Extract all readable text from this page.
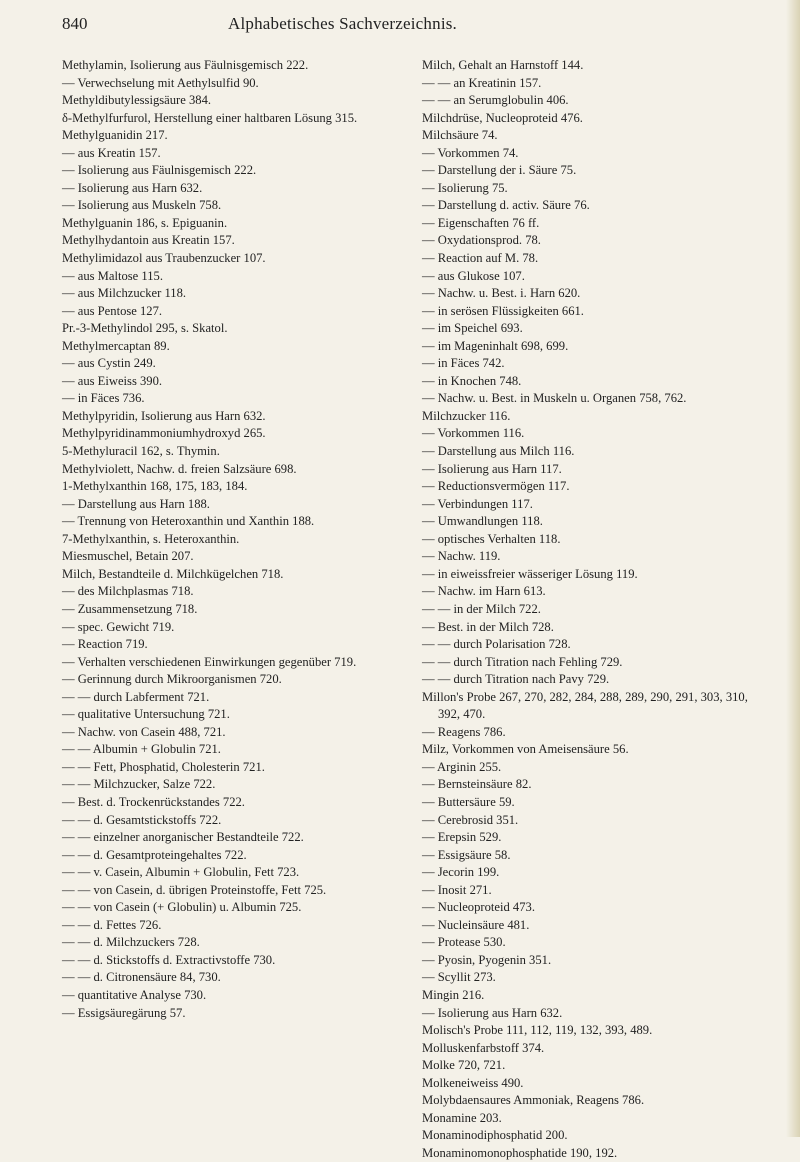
840	Alphabetisches Sachverzeichnis.
Methylamin, Isolierung aus Fäulnisgemisch 222.
— Verwechselung mit Aethylsulfid 90.
Methyldibutylessigsäure 384.
δ-Methylfurfurol, Herstellung einer haltbaren Lösung 315.
Methylguanidin 217.
— aus Kreatin 157.
— Isolierung aus Fäulnisgemisch 222.
— Isolierung aus Harn 632.
— Isolierung aus Muskeln 758.
Methylguanin 186, s. Epiguanin.
Methylhydantoin aus Kreatin 157.
Methylimidazol aus Traubenzucker 107.
— aus Maltose 115.
— aus Milchzucker 118.
— aus Pentose 127.
Pr.-3-Methylindol 295, s. Skatol.
Methylmercaptan 89.
— aus Cystin 249.
— aus Eiweiss 390.
— in Fäces 736.
Methylpyridin, Isolierung aus Harn 632.
Methylpyridinammoniumhydroxyd 265.
5-Methyluracil 162, s. Thymin.
Methylviolett, Nachw. d. freien Salzsäure 698.
1-Methylxanthin 168, 175, 183, 184.
— Darstellung aus Harn 188.
— Trennung von Heteroxanthin und Xanthin 188.
7-Methylxanthin, s. Heteroxanthin.
Miesmuschel, Betain 207.
Milch, Bestandteile d. Milchkügelchen 718.
— des Milchplasmas 718.
— Zusammensetzung 718.
— spec. Gewicht 719.
— Reaction 719.
— Verhalten verschiedenen Einwirkungen gegenüber 719.
— Gerinnung durch Mikroorganismen 720.
— — durch Labferment 721.
— qualitative Untersuchung 721.
— Nachw. von Casein 488, 721.
— — Albumin + Globulin 721.
— — Fett, Phosphatid, Cholesterin 721.
— — Milchzucker, Salze 722.
— Best. d. Trockenrückstandes 722.
— — d. Gesamtstickstoffs 722.
— — einzelner anorganischer Bestandteile 722.
— — d. Gesamtproteingehaltes 722.
— — v. Casein, Albumin + Globulin, Fett 723.
— — von Casein, d. übrigen Proteinstoffe, Fett 725.
— — von Casein (+ Globulin) u. Albumin 725.
— — d. Fettes 726.
— — d. Milchzuckers 728.
— — d. Stickstoffs d. Extractivstoffe 730.
— — d. Citronensäure 84, 730.
— quantitative Analyse 730.
— Essigsäuregärung 57.
Milch, Gehalt an Harnstoff 144.
— — an Kreatinin 157.
— — an Serumglobulin 406.
Milchdrüse, Nucleoproteid 476.
Milchsäure 74.
— Vorkommen 74.
— Darstellung der i. Säure 75.
— Isolierung 75.
— Darstellung d. activ. Säure 76.
— Eigenschaften 76 ff.
— Oxydationsprod. 78.
— Reaction auf M. 78.
— aus Glukose 107.
— Nachw. u. Best. i. Harn 620.
— in serösen Flüssigkeiten 661.
— im Speichel 693.
— im Mageninhalt 698, 699.
— in Fäces 742.
— in Knochen 748.
— Nachw. u. Best. in Muskeln u. Organen 758, 762.
Milchzucker 116.
— Vorkommen 116.
— Darstellung aus Milch 116.
— Isolierung aus Harn 117.
— Reductionsvermögen 117.
— Verbindungen 117.
— Umwandlungen 118.
— optisches Verhalten 118.
— Nachw. 119.
— in eiweissfreier wässeriger Lösung 119.
— Nachw. im Harn 613.
— — in der Milch 722.
— Best. in der Milch 728.
— — durch Polarisation 728.
— — durch Titration nach Fehling 729.
— — durch Titration nach Pavy 729.
Millon's Probe 267, 270, 282, 284, 288, 289, 290, 291, 303, 310, 392, 470.
— Reagens 786.
Milz, Vorkommen von Ameisensäure 56.
— Arginin 255.
— Bernsteinsäure 82.
— Buttersäure 59.
— Cerebrosid 351.
— Erepsin 529.
— Essigsäure 58.
— Jecorin 199.
— Inosit 271.
— Nucleoproteid 473.
— Nucleinsäure 481.
— Protease 530.
— Pyosin, Pyogenin 351.
— Scyllit 273.
Mingin 216.
— Isolierung aus Harn 632.
Molisch's Probe 111, 112, 119, 132, 393, 489.
Molluskenfarbstoff 374.
Molke 720, 721.
Molkeneiweiss 490.
Molybdaensaures Ammoniak, Reagens 786.
Monamine 203.
Monaminodiphosphatid 200.
Monaminomonophosphatide 190, 192.
